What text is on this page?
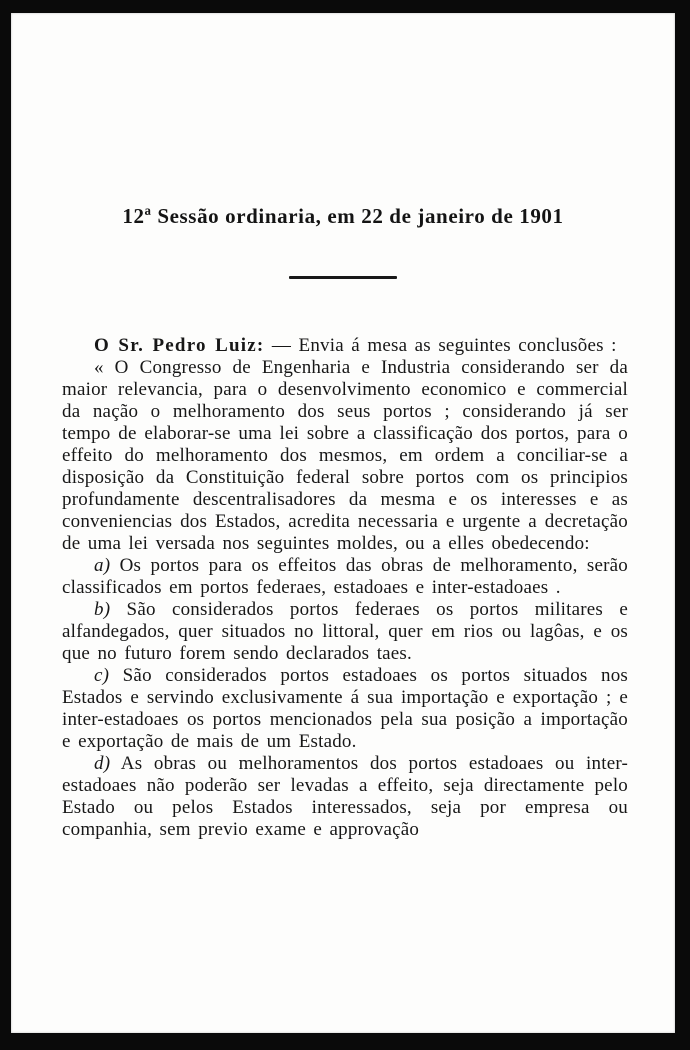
12ª Sessão ordinaria, em 22 de janeiro de 1901

O Sr. Pedro Luiz: — Envia á mesa as seguintes conclusões :

« O Congresso de Engenharia e Industria considerando ser da maior relevancia, para o desenvolvimento economico e commercial da nação o melhoramento dos seus portos ; considerando já ser tempo de elaborar-se uma lei sobre a classificação dos portos, para o effeito do melhoramento dos mesmos, em ordem a conciliar-se a disposição da Constituição federal sobre portos com os principios profundamente descentralisadores da mesma e os interesses e as conveniencias dos Estados, acredita necessaria e urgente a decretação de uma lei versada nos seguintes moldes, ou a elles obedecendo:

a) Os portos para os effeitos das obras de melhoramento, serão classificados em portos federaes, estadoaes e inter-estadoaes .

b) São considerados portos federaes os portos militares e alfandegados, quer situados no littoral, quer em rios ou lagôas, e os que no futuro forem sendo declarados taes.

c) São considerados portos estadoaes os portos situados nos Estados e servindo exclusivamente á sua importação e exportação ; e inter-estadoaes os portos mencionados pela sua posição a importação e exportação de mais de um Estado.

d) As obras ou melhoramentos dos portos estadoaes ou inter-estadoaes não poderão ser levadas a effeito, seja directamente pelo Estado ou pelos Estados interessados, seja por empresa ou companhia, sem previo exame e approvação
